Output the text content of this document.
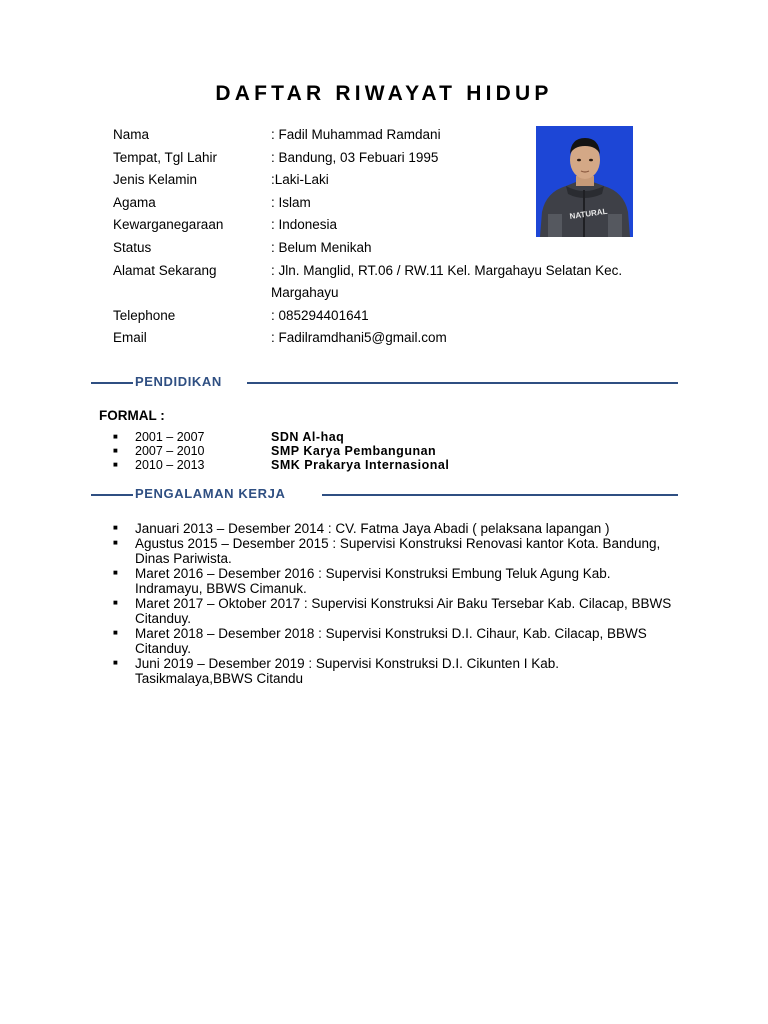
DAFTAR RIWAYAT HIDUP
Nama	: Fadil Muhammad Ramdani
Tempat, Tgl Lahir	: Bandung, 03 Febuari 1995
Jenis Kelamin	:Laki-Laki
Agama	: Islam
Kewarganegaraan	: Indonesia
Status	: Belum Menikah
Alamat Sekarang	: Jln. Manglid, RT.06 / RW.11 Kel. Margahayu Selatan Kec. Margahayu
Telephone	: 085294401641
Email	: Fadilramdhani5@gmail.com
NATURAL
PENDIDIKAN
FORMAL :
■	2001 – 2007	SDN Al-haq
■	2007 – 2010	SMP Karya Pembangunan
■	2010 – 2013	SMK Prakarya Internasional
PENGALAMAN KERJA
■	Januari 2013 – Desember 2014 : CV. Fatma Jaya Abadi ( pelaksana lapangan )
■	Agustus 2015 – Desember 2015 : Supervisi Konstruksi Renovasi kantor Kota. Bandung, Dinas Pariwista.
■	Maret 2016 – Desember 2016 : Supervisi Konstruksi Embung Teluk Agung Kab. Indramayu, BBWS Cimanuk.
■	Maret 2017 – Oktober 2017 : Supervisi Konstruksi Air Baku Tersebar Kab. Cilacap, BBWS Citanduy.
■	Maret 2018 – Desember 2018 : Supervisi Konstruksi D.I. Cihaur, Kab. Cilacap, BBWS Citanduy.
■	Juni 2019 – Desember 2019 : Supervisi Konstruksi D.I. Cikunten I Kab. Tasikmalaya,BBWS Citandu
